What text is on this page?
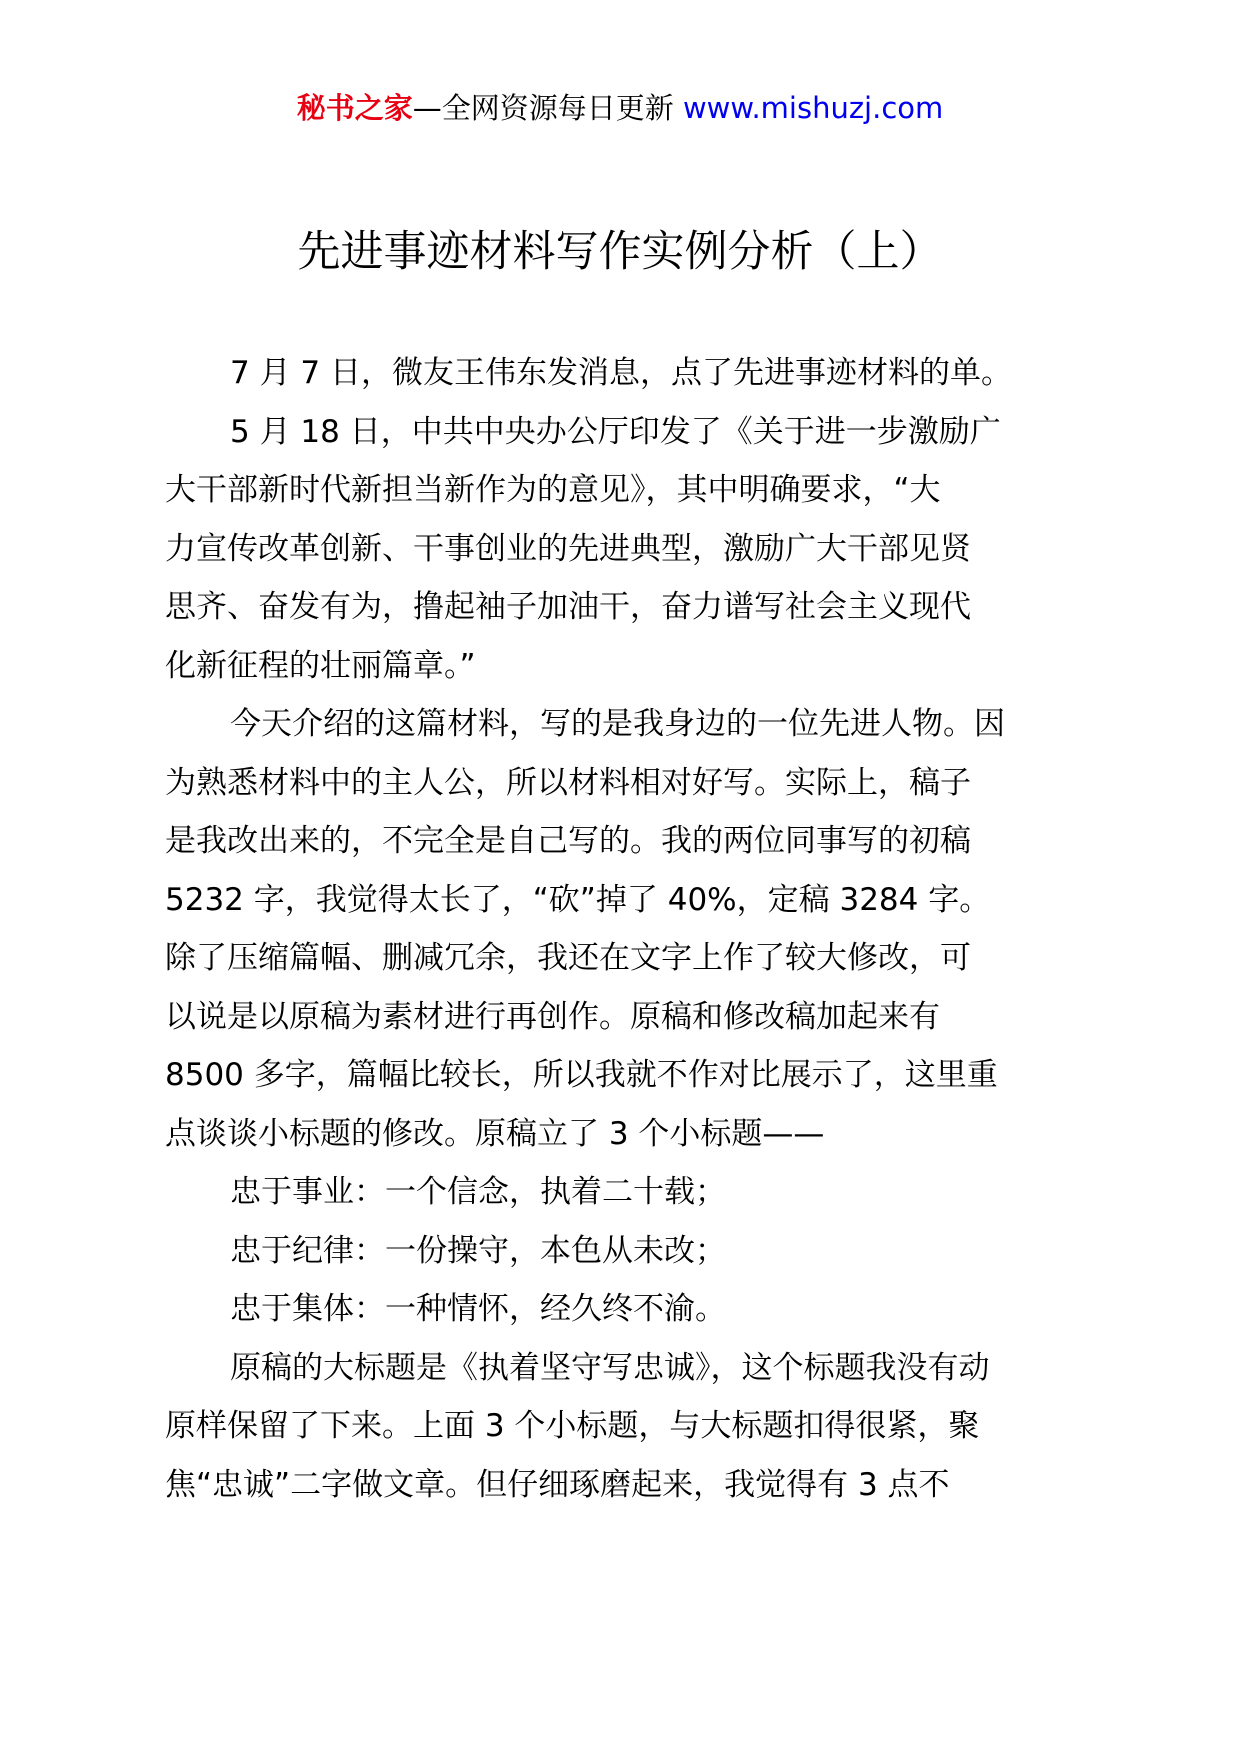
秘书之家—全网资源每日更新 www.mishuzj.com
先进事迹材料写作实例分析（上）

7 月 7 日，微友王伟东发消息，点了先进事迹材料的单。

5 月 18 日，中共中央办公厅印发了《关于进一步激励广

大干部新时代新担当新作为的意见》，其中明确要求，“大

力宣传改革创新、干事创业的先进典型，激励广大干部见贤

思齐、奋发有为，撸起袖子加油干，奋力谱写社会主义现代

化新征程的壮丽篇章。”

今天介绍的这篇材料，写的是我身边的一位先进人物。因

为熟悉材料中的主人公，所以材料相对好写。实际上，稿子

是我改出来的，不完全是自己写的。我的两位同事写的初稿

5232 字，我觉得太长了，“砍”掉了 40%，定稿 3284 字。

除了压缩篇幅、删减冗余，我还在文字上作了较大修改，可

以说是以原稿为素材进行再创作。原稿和修改稿加起来有

8500 多字，篇幅比较长，所以我就不作对比展示了，这里重

点谈谈小标题的修改。原稿立了 3 个小标题——

忠于事业：一个信念，执着二十载；

忠于纪律：一份操守，本色从未改；

忠于集体：一种情怀，经久终不渝。

原稿的大标题是《执着坚守写忠诚》，这个标题我没有动

原样保留了下来。上面 3 个小标题，与大标题扣得很紧，聚

焦“忠诚”二字做文章。但仔细琢磨起来，我觉得有 3 点不
